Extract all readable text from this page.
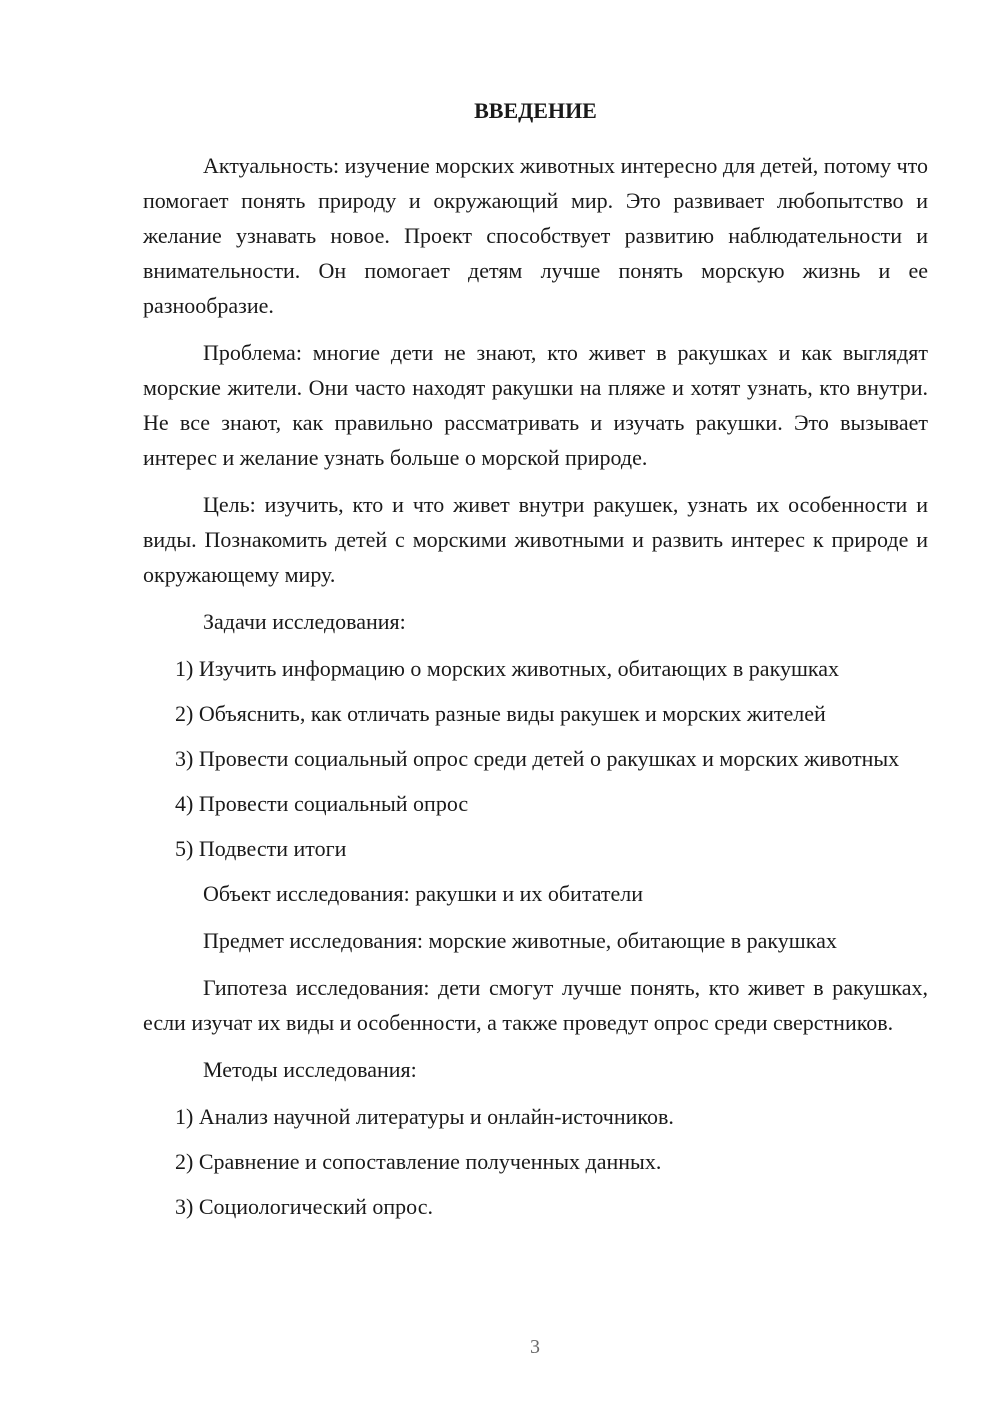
ВВЕДЕНИЕ

Актуальность: изучение морских животных интересно для детей, потому что помогает понять природу и окружающий мир. Это развивает любопытство и желание узнавать новое. Проект способствует развитию наблюдательности и внимательности. Он помогает детям лучше понять морскую жизнь и ее разнообразие.

Проблема: многие дети не знают, кто живет в ракушках и как выглядят морские жители. Они часто находят ракушки на пляже и хотят узнать, кто внутри. Не все знают, как правильно рассматривать и изучать ракушки. Это вызывает интерес и желание узнать больше о морской природе.

Цель: изучить, кто и что живет внутри ракушек, узнать их особенности и виды. Познакомить детей с морскими животными и развить интерес к природе и окружающему миру.

Задачи исследования:

1) Изучить информацию о морских животных, обитающих в ракушках

2) Объяснить, как отличать разные виды ракушек и морских жителей

3) Провести социальный опрос среди детей о ракушках и морских животных

4) Провести социальный опрос

5) Подвести итоги

Объект исследования: ракушки и их обитатели

Предмет исследования: морские животные, обитающие в ракушках

Гипотеза исследования: дети смогут лучше понять, кто живет в ракушках, если изучат их виды и особенности, а также проведут опрос среди сверстников.

Методы исследования:

1) Анализ научной литературы и онлайн-источников.

2) Сравнение и сопоставление полученных данных.

3) Социологический опрос.

3
